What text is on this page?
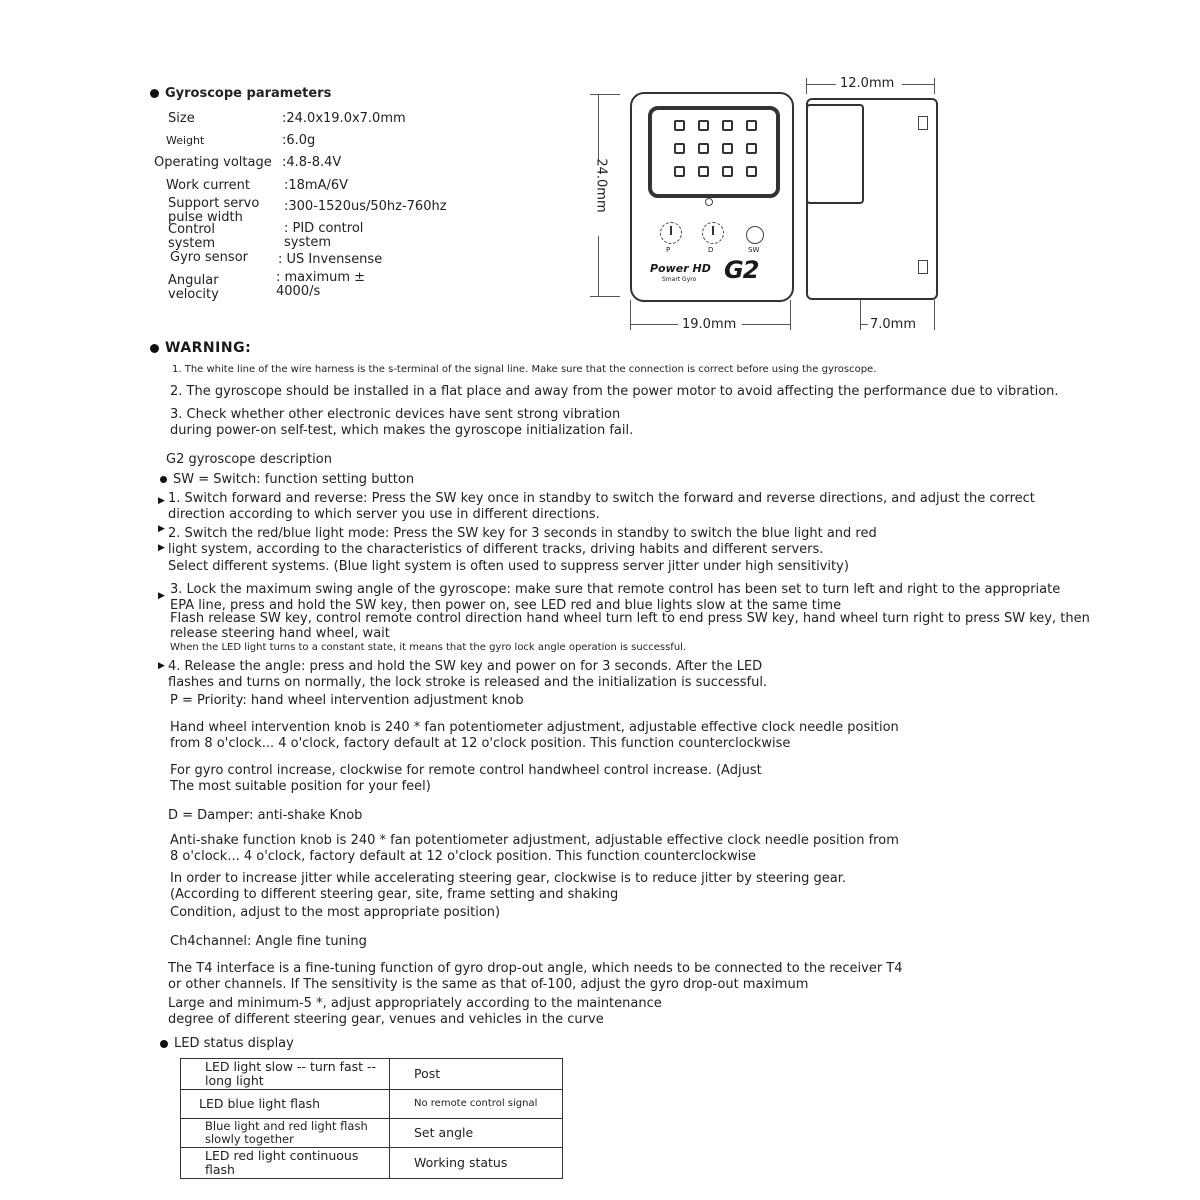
Gyroscope parameters
Size	:24.0x19.0x7.0mm
Weight	:6.0g
Operating voltage :4.8-8.4V
Work current	:18mA/6V
Support servo pulse width
:300-1520us/50hz-760hz
Control system
: PID control system
Gyro sensor : US Invensense
Angular velocity
: maximum ± 4000/s
24.0mm
P	D	SW
Power HD
Smart Gyro G2
19.0mm
12.0mm
7.0mm
WARNING:
1. The white line of the wire harness is the s-terminal of the signal line. Make sure that the connection is correct before using the gyroscope.
2. The gyroscope should be installed in a flat place and away from the power motor to avoid affecting the performance due to vibration.
3. Check whether other electronic devices have sent strong vibration
during power-on self-test, which makes the gyroscope initialization fail.
G2 gyroscope description
SW = Switch: function setting button
▶ 1. Switch forward and reverse: Press the SW key once in standby to switch the forward and reverse directions, and adjust the correct
direction according to which server you use in different directions.
▶ 2. Switch the red/blue light mode: Press the SW key for 3 seconds in standby to switch the blue light and red
▶ light system, according to the characteristics of different tracks, driving habits and different servers.
Select different systems. (Blue light system is often used to suppress server jitter under high sensitivity)
▶ 3. Lock the maximum swing angle of the gyroscope: make sure that remote control has been set to turn left and right to the appropriate
EPA line, press and hold the SW key, then power on, see LED red and blue lights slow at the same time
Flash release SW key, control remote control direction hand wheel turn left to end press SW key, hand wheel turn right to press SW key, then
release steering hand wheel, wait
When the LED light turns to a constant state, it means that the gyro lock angle operation is successful.
▶ 4. Release the angle: press and hold the SW key and power on for 3 seconds. After the LED
flashes and turns on normally, the lock stroke is released and the initialization is successful.
P = Priority: hand wheel intervention adjustment knob
Hand wheel intervention knob is 240 * fan potentiometer adjustment, adjustable effective clock needle position
from 8 o'clock... 4 o'clock, factory default at 12 o'clock position. This function counterclockwise
For gyro control increase, clockwise for remote control handwheel control increase. (Adjust
The most suitable position for your feel)
D = Damper: anti-shake Knob
Anti-shake function knob is 240 * fan potentiometer adjustment, adjustable effective clock needle position from
8 o'clock... 4 o'clock, factory default at 12 o'clock position. This function counterclockwise
In order to increase jitter while accelerating steering gear, clockwise is to reduce jitter by steering gear.
(According to different steering gear, site, frame setting and shaking
Condition, adjust to the most appropriate position)
Ch4channel: Angle fine tuning
The T4 interface is a fine-tuning function of gyro drop-out angle, which needs to be connected to the receiver T4
or other channels. If The sensitivity is the same as that of-100, adjust the gyro drop-out maximum
Large and minimum-5 *, adjust appropriately according to the maintenance
degree of different steering gear, venues and vehicles in the curve
LED status display
LED light slow -- turn fast -- long light	Post
LED blue light flash	No remote control signal
Blue light and red light flash slowly together	Set angle
LED red light continuous flash	Working status
